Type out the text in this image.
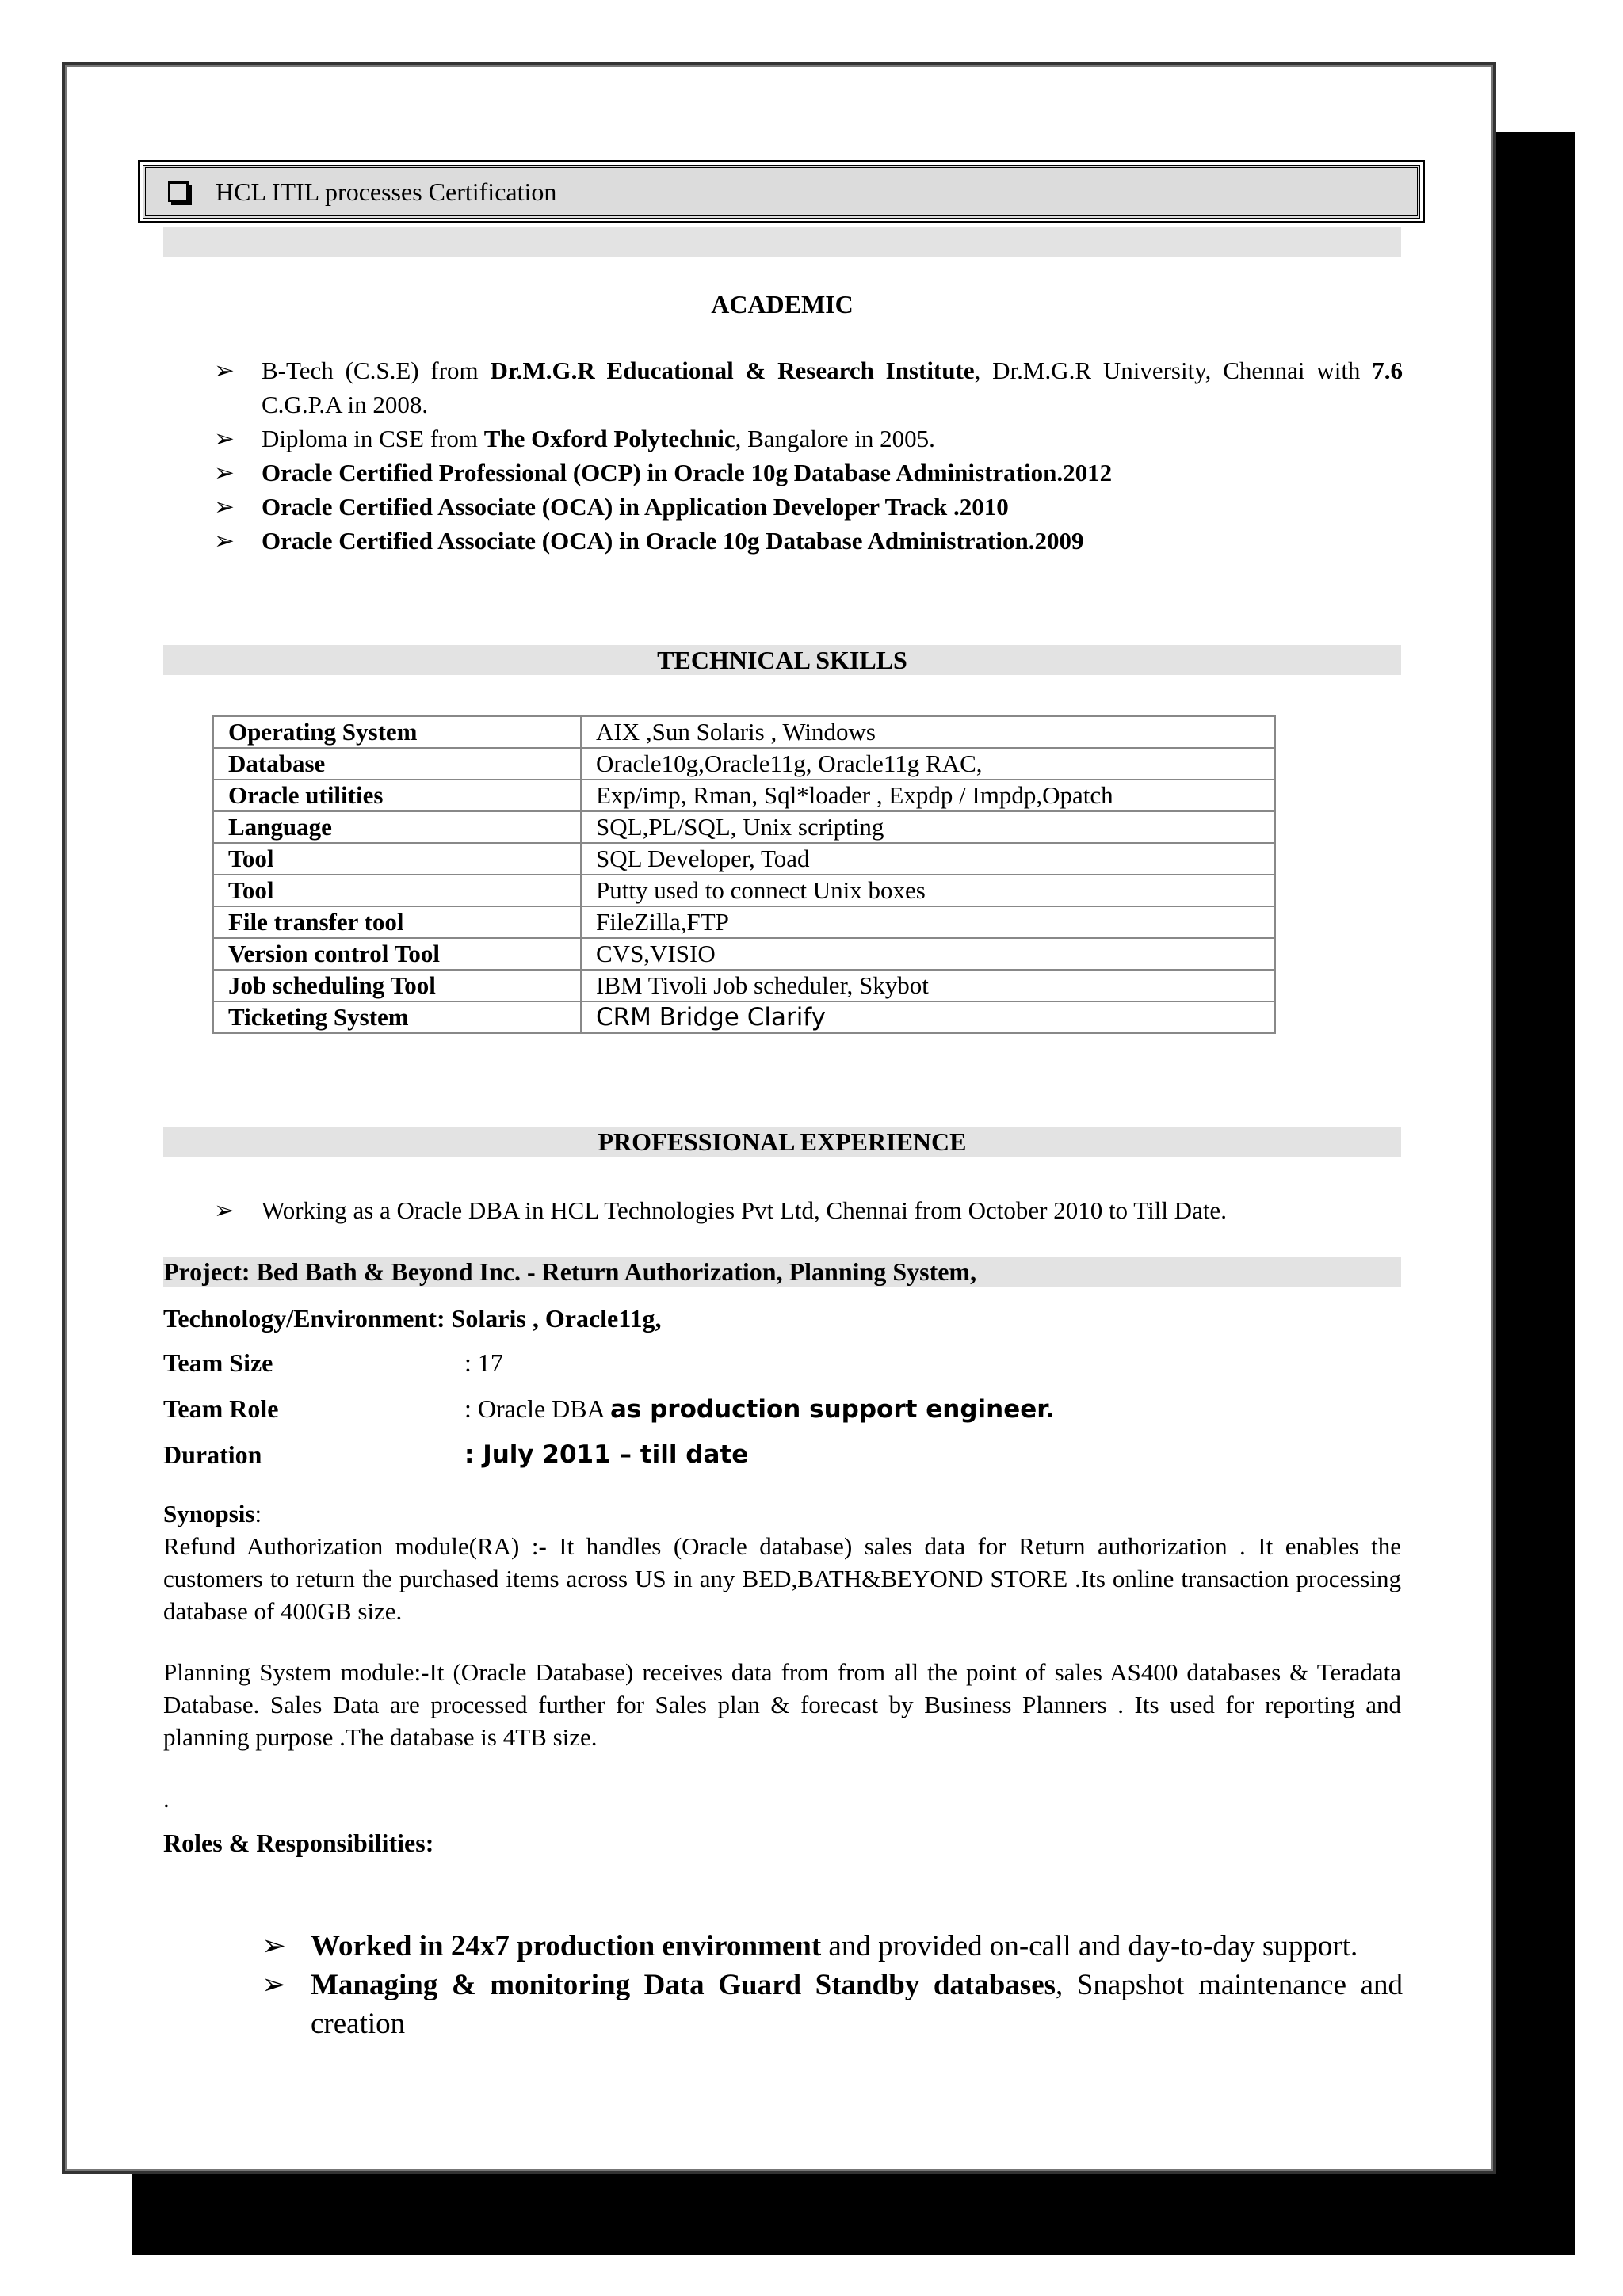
HCL ITIL processes Certification
ACADEMIC
➢ B-Tech (C.S.E) from Dr.M.G.R Educational & Research Institute, Dr.M.G.R University, Chennai with 7.6 C.G.P.A in 2008.
➢ Diploma in CSE from The Oxford Polytechnic, Bangalore in 2005.
➢ Oracle Certified Professional (OCP) in Oracle 10g Database Administration.2012
➢ Oracle Certified Associate (OCA) in Application Developer Track .2010
➢ Oracle Certified Associate (OCA) in Oracle 10g Database Administration.2009
TECHNICAL SKILLS
Operating System	AIX ,Sun Solaris , Windows
Database	Oracle10g,Oracle11g, Oracle11g RAC,
Oracle utilities	Exp/imp, Rman, Sql*loader , Expdp / Impdp,Opatch
Language	SQL,PL/SQL, Unix scripting
Tool	SQL Developer, Toad
Tool	Putty used to connect Unix boxes
File transfer tool	FileZilla,FTP
Version control Tool	CVS,VISIO
Job scheduling Tool	IBM Tivoli Job scheduler, Skybot
Ticketing System	CRM Bridge Clarify
PROFESSIONAL EXPERIENCE
➢ Working as a Oracle DBA in HCL Technologies Pvt Ltd, Chennai from October 2010 to Till Date.
Project: Bed Bath & Beyond Inc. - Return Authorization, Planning System,
Technology/Environment: Solaris , Oracle11g,
Team Size	: 17
Team Role	: Oracle DBA as production support engineer.
Duration	: July 2011 – till date
Synopsis:
Refund Authorization module(RA) :- It handles (Oracle database) sales data for Return authorization . It enables the customers to return the purchased items across US in any BED,BATH&BEYOND STORE .Its online transaction processing database of 400GB size.
Planning System module:-It (Oracle Database) receives data from from all the point of sales AS400 databases & Teradata Database. Sales Data are processed further for Sales plan & forecast by Business Planners . Its used for reporting and planning purpose .The database is 4TB size.
.
Roles & Responsibilities:
➢ Worked in 24x7 production environment and provided on-call and day-to-day support.
➢ Managing & monitoring Data Guard Standby databases, Snapshot maintenance and creation
